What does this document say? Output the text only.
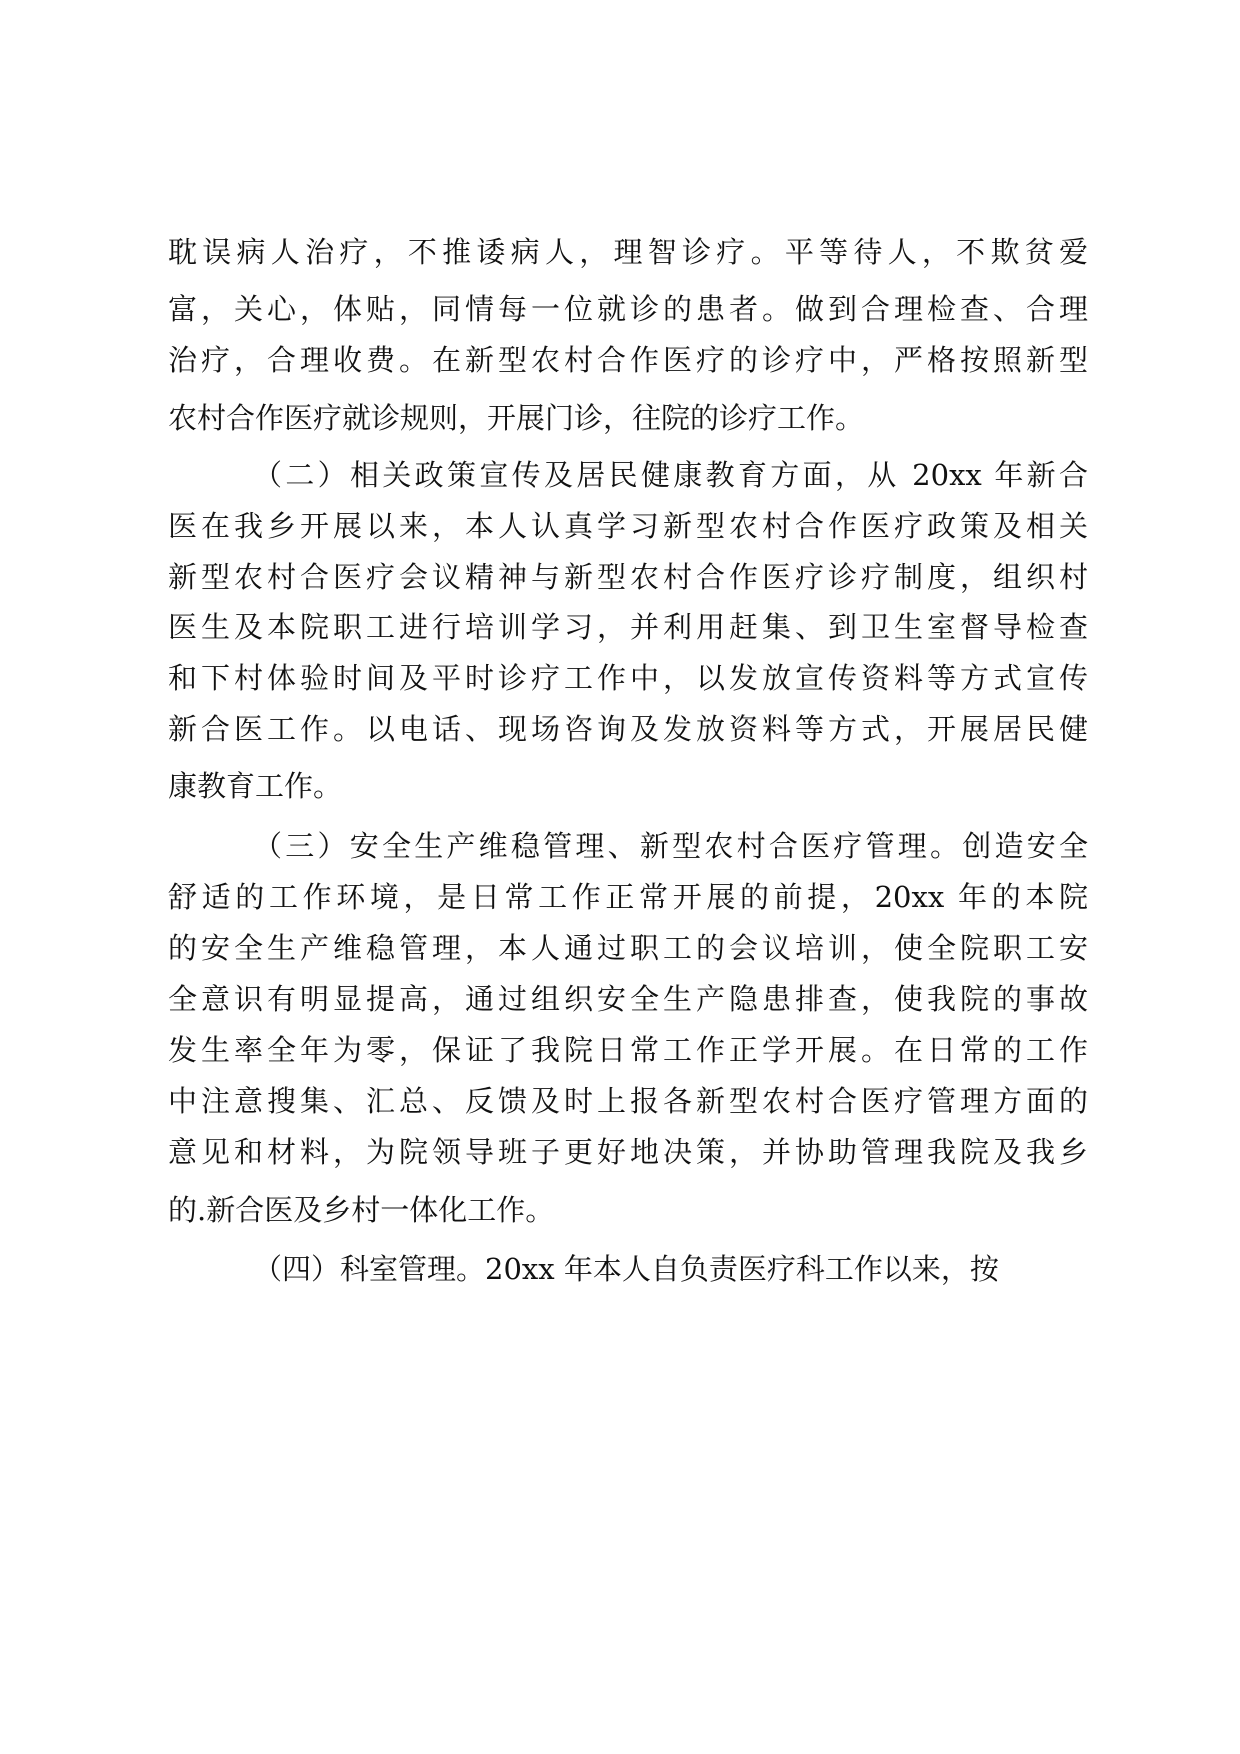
耽误病人治疗，不推诿病人，理智诊疗。平等待人，不欺贫爱
富，关心，体贴，同情每一位就诊的患者。做到合理检查、合理
治疗，合理收费。在新型农村合作医疗的诊疗中，严格按照新型
农村合作医疗就诊规则，开展门诊，往院的诊疗工作。
（二）相关政策宣传及居民健康教育方面，从 20xx 年新合
医在我乡开展以来，本人认真学习新型农村合作医疗政策及相关
新型农村合医疗会议精神与新型农村合作医疗诊疗制度，组织村
医生及本院职工进行培训学习，并利用赶集、到卫生室督导检查
和下村体验时间及平时诊疗工作中，以发放宣传资料等方式宣传
新合医工作。以电话、现场咨询及发放资料等方式，开展居民健
康教育工作。
（三）安全生产维稳管理、新型农村合医疗管理。创造安全
舒适的工作环境，是日常工作正常开展的前提，20xx 年的本院
的安全生产维稳管理，本人通过职工的会议培训，使全院职工安
全意识有明显提高，通过组织安全生产隐患排查，使我院的事故
发生率全年为零，保证了我院日常工作正学开展。在日常的工作
中注意搜集、汇总、反馈及时上报各新型农村合医疗管理方面的
意见和材料，为院领导班子更好地决策，并协助管理我院及我乡
的.新合医及乡村一体化工作。
（四）科室管理。20xx 年本人自负责医疗科工作以来，按
